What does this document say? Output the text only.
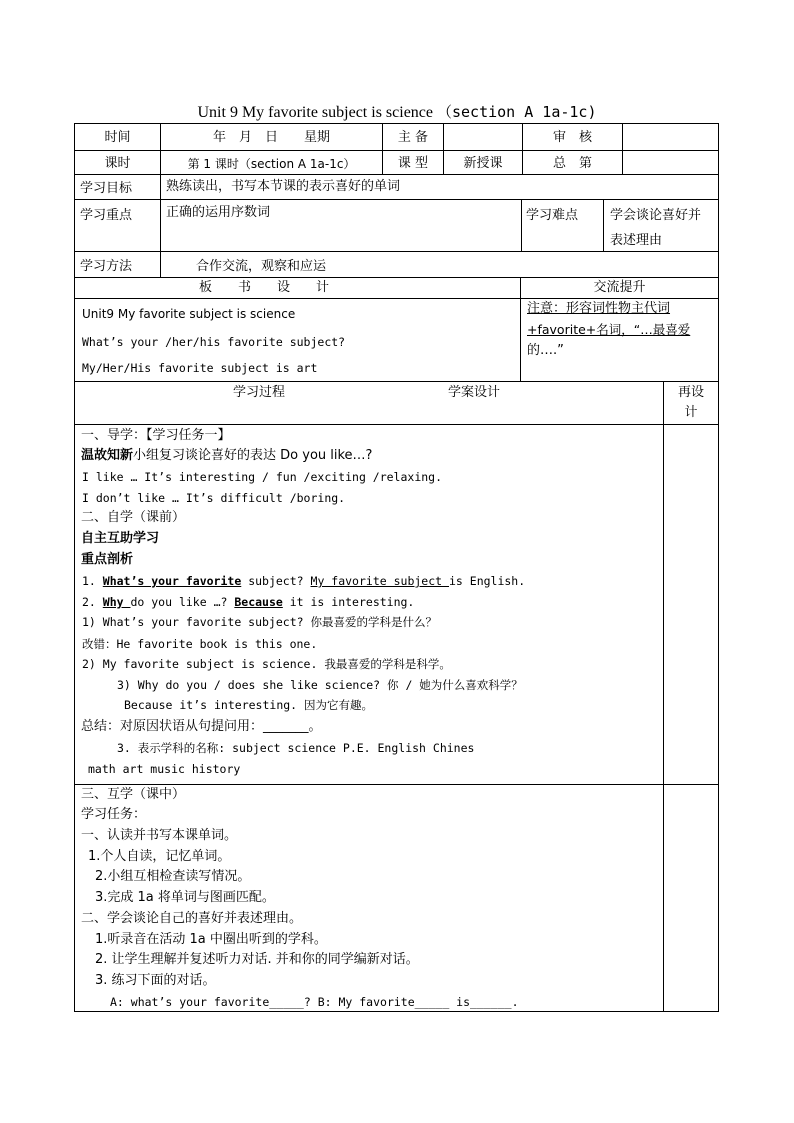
Unit 9 My favorite subject is science （section A 1a-1c)
时间	年　月　日　　星期	主 备	审　核
课时	第 1 课时（section A 1a-1c）	课 型	新授课	总　第
学习目标	熟练读出，书写本节课的表示喜好的单词
学习重点	正确的运用序数词	学习难点 学会谈论喜好并
表述理由
学习方法	合作交流，观察和应运
板　　书　　设　　计	交流提升
Unit9 My favorite subject is science
What’s your /her/his favorite subject?
My/Her/His favorite subject is art
注意：形容词性物主代词
+favorite+名词，“…最喜爱
的….”
学习过程	学案设计	再设
计
一、导学：【学习任务一】
温故知新小组复习谈论喜好的表达 Do you like…?
I like … It’s interesting / fun /exciting /relaxing.
I don’t like … It’s difficult /boring.
二、自学（课前）
自主互助学习
重点剖析
1. What’s your favorite subject? My favorite subject is English.
2. Why do you like …? Because it is interesting.
1) What’s your favorite subject? 你最喜爱的学科是什么？
改错：He favorite book is this one.
2) My favorite subject is science. 我最喜爱的学科是科学。
3) Why do you / does she like science? 你 / 她为什么喜欢科学？
Because it’s interesting. 因为它有趣。
总结：对原因状语从句提问用：_______。
3. 表示学科的名称: subject science P.E. English Chines
math art music history
三、互学（课中）
学习任务：
一、认读并书写本课单词。
1.个人自读，记忆单词。
2.小组互相检查读写情况。
3.完成 1a 将单词与图画匹配。
二、学会谈论自己的喜好并表述理由。
1.听录音在活动 1a 中圈出听到的学科。
2. 让学生理解并复述听力对话. 并和你的同学编新对话。
3. 练习下面的对话。
A: what’s your favorite_____? B: My favorite_____ is______.
